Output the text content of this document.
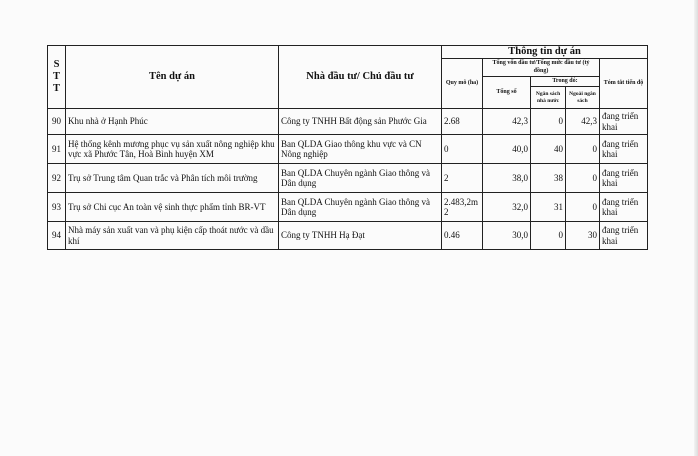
STT	Tên dự án	Nhà đầu tư/ Chủ đầu tư	Thông tin dự án				
			Quy mô (ha)	Tổng vốn đầu tư/Tổng mức đầu tư (tỷ đồng)			Tóm tắt tiến độ
				Tổng số	Trong đó:		
					Ngân sách nhà nước	Ngoài ngân sách	
90	Khu nhà ở Hạnh Phúc	Công ty TNHH Bất động sản Phước Gia	2.68	42,3	0	42,3	đang triển khai
91	Hệ thống kênh mương phục vụ sản xuất nông nghiệp khu vực xã Phước Tân, Hoà Bình huyện XM	Ban QLDA Giao thông khu vực và CN Nông nghiệp	0	40,0	40	0	đang triển khai
92	Trụ sở Trung tâm Quan trắc và Phân tích môi trường	Ban QLDA Chuyên ngành Giao thông và Dân dụng	2	38,0	38	0	đang triển khai
93	Trụ sở Chi cục An toàn vệ sinh thực phẩm tỉnh BR-VT	Ban QLDA Chuyên ngành Giao thông và Dân dụng	2.483,2m2	32,0	31	0	đang triển khai
94	Nhà máy sản xuất van và phụ kiện cấp thoát nước và dầu khí	Công ty TNHH Hạ Đạt	0.46	30,0	0	30	đang triển khai
